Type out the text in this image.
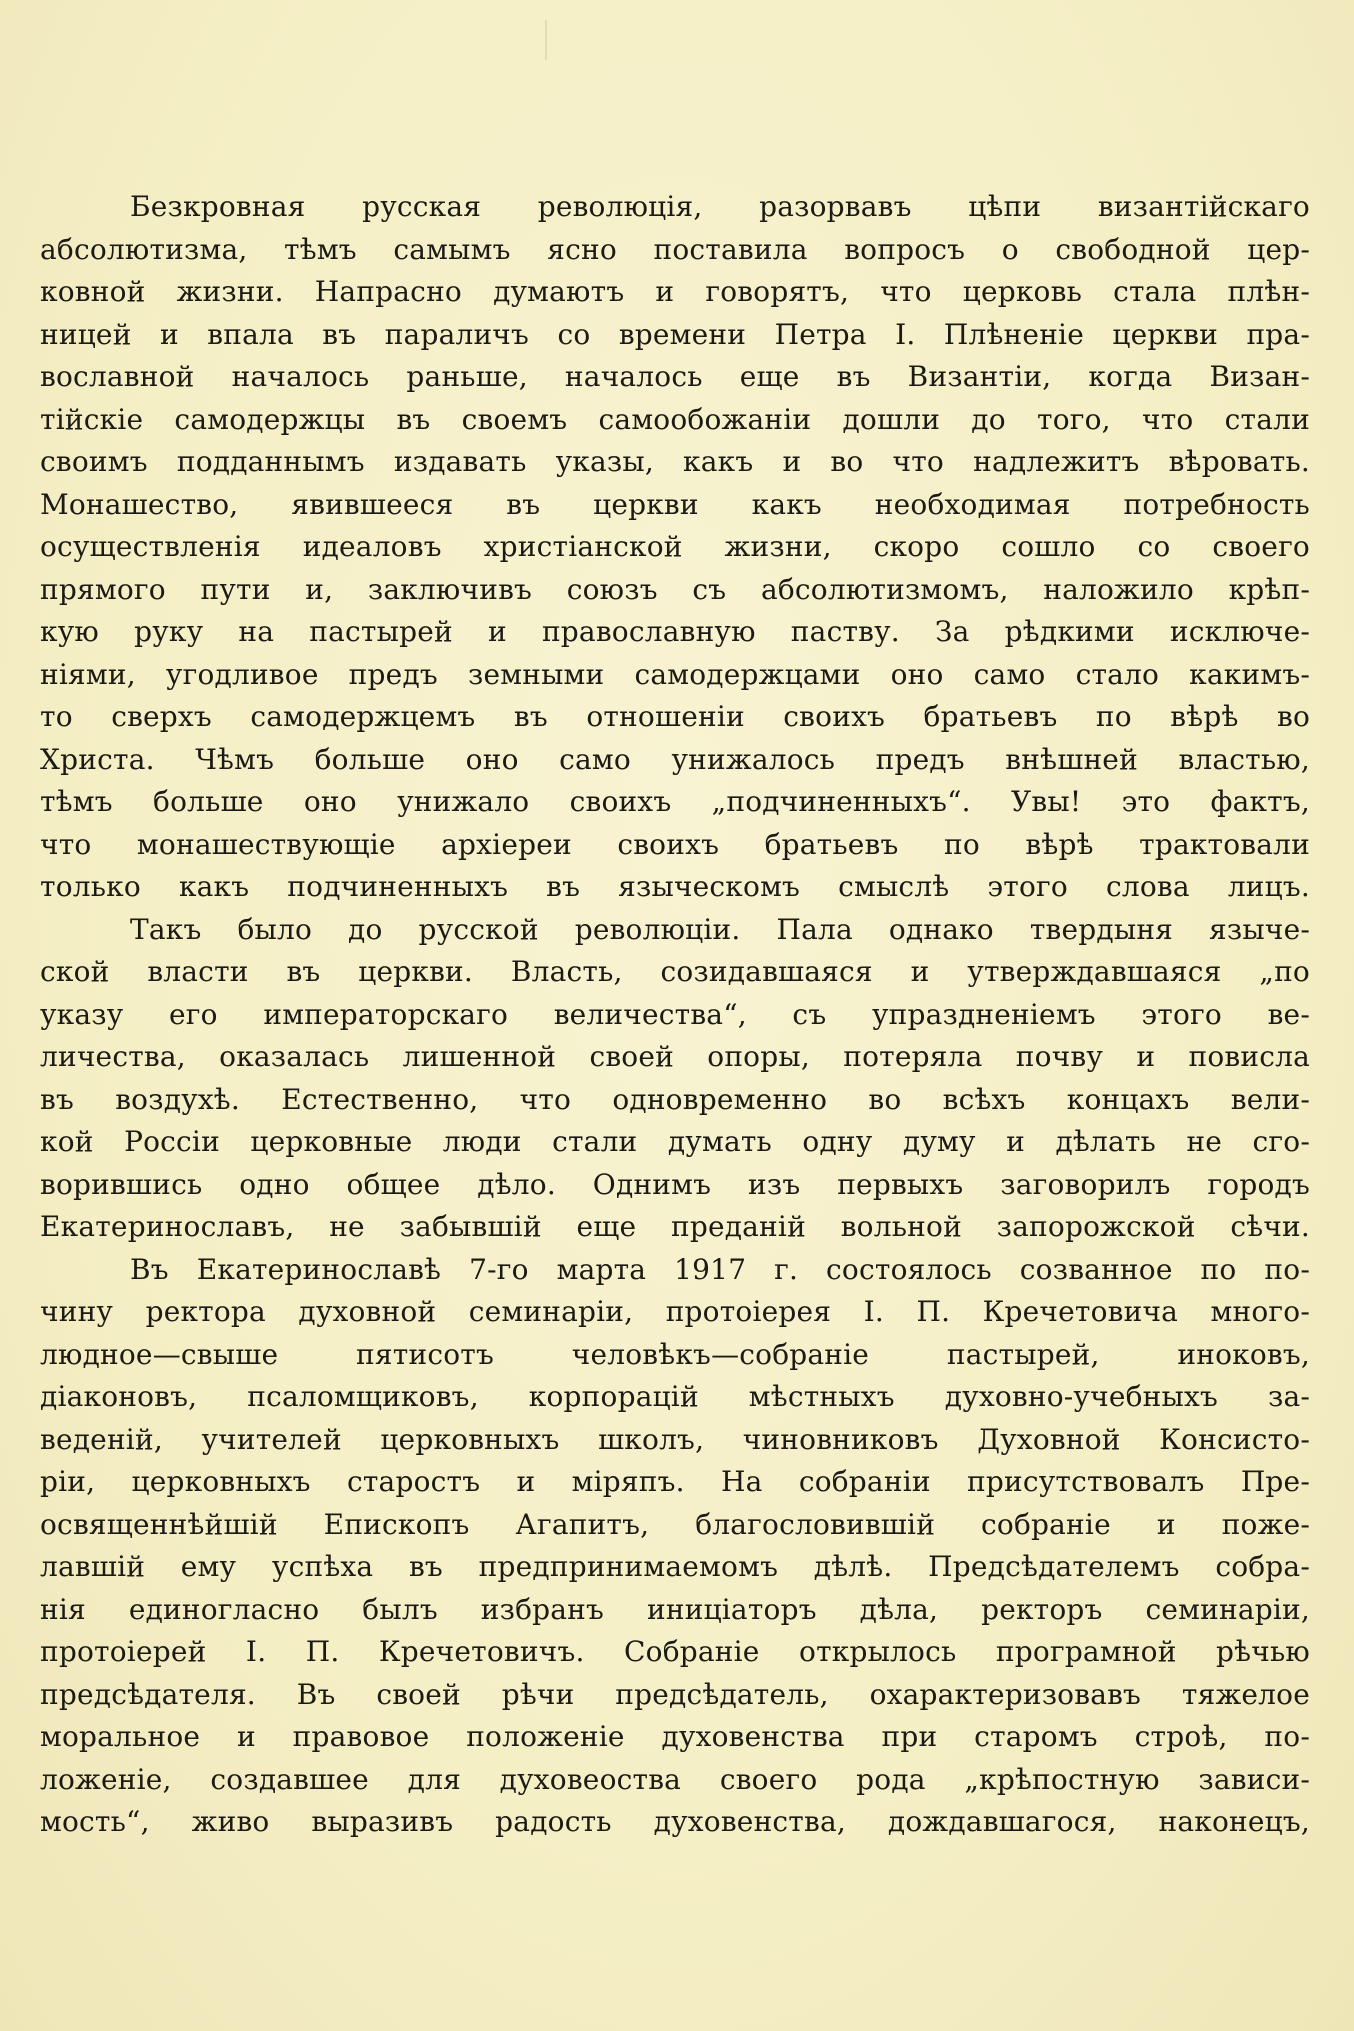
Безкровная русская революція, разорвавъ цѣпи византійскаго
абсолютизма, тѣмъ самымъ ясно поставила вопросъ о свободной цер-
ковной жизни. Напрасно думаютъ и говорятъ, что церковь стала плѣн-
ницей и впала въ параличъ со времени Петра I. Плѣненіе церкви пра-
вославной началось раньше, началось еще въ Византіи, когда Визан-
тійскіе самодержцы въ своемъ самообожаніи дошли до того, что стали
своимъ подданнымъ издавать указы, какъ и во что надлежитъ вѣровать.
Монашество, явившееся въ церкви какъ необходимая потребность
осуществленія идеаловъ христіанской жизни, скоро сошло со своего
прямого пути и, заключивъ союзъ съ абсолютизмомъ, наложило крѣп-
кую руку на пастырей и православную паству. За рѣдкими исключе-
ніями, угодливое предъ земными самодержцами оно само стало какимъ-
то сверхъ самодержцемъ въ отношеніи своихъ братьевъ по вѣрѣ во
Христа. Чѣмъ больше оно само унижалось предъ внѣшней властью,
тѣмъ больше оно унижало своихъ „подчиненныхъ“. Увы! это фактъ,
что монашествующіе архіереи своихъ братьевъ по вѣрѣ трактовали
только какъ подчиненныхъ въ языческомъ смыслѣ этого слова лицъ.
Такъ было до русской революціи. Пала однако твердыня языче-
ской власти въ церкви. Власть, созидавшаяся и утверждавшаяся „по
указу его императорскаго величества“, съ упраздненіемъ этого ве-
личества, оказалась лишенной своей опоры, потеряла почву и повисла
въ воздухѣ. Естественно, что одновременно во всѣхъ концахъ вели-
кой Россіи церковные люди стали думать одну думу и дѣлать не сго-
ворившись одно общее дѣло. Однимъ изъ первыхъ заговорилъ городъ
Екатеринославъ, не забывшій еще преданій вольной запорожской сѣчи.
Въ Екатеринославѣ 7-го марта 1917 г. состоялось созванное по по-
чину ректора духовной семинаріи, протоіерея І. П. Кречетовича много-
людное—свыше пятисотъ человѣкъ—собраніе пастырей, иноковъ,
діаконовъ, псаломщиковъ, корпорацій мѣстныхъ духовно-учебныхъ за-
веденій, учителей церковныхъ школъ, чиновниковъ Духовной Консисто-
ріи, церковныхъ старостъ и міряпъ. На собраніи присутствовалъ Пре-
освященнѣйшій Епископъ Агапитъ, благословившій собраніе и поже-
лавшій ему успѣха въ предпринимаемомъ дѣлѣ. Предсѣдателемъ собра-
нія единогласно былъ избранъ иниціаторъ дѣла, ректоръ семинаріи,
протоіерей І. П. Кречетовичъ. Собраніе открылось програмной рѣчью
предсѣдателя. Въ своей рѣчи предсѣдатель, охарактеризовавъ тяжелое
моральное и правовое положеніе духовенства при старомъ строѣ, по-
ложеніе, создавшее для духовеоства своего рода „крѣпостную зависи-
мость“, живо выразивъ радость духовенства, дождавшагося, наконецъ,
